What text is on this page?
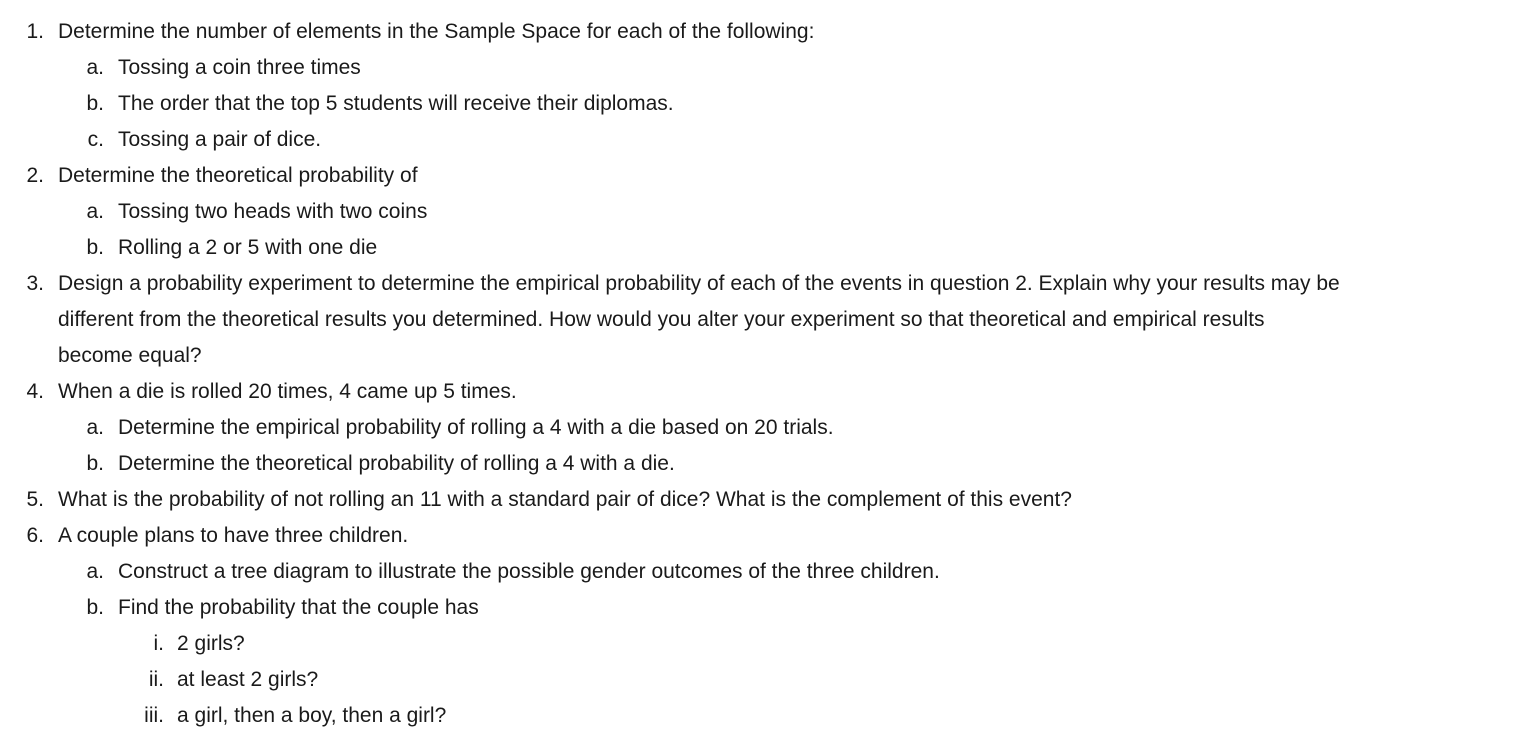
1. Determine the number of elements in the Sample Space for each of the following:
a. Tossing a coin three times
b. The order that the top 5 students will receive their diplomas.
c. Tossing a pair of dice.
2. Determine the theoretical probability of
a. Tossing two heads with two coins
b. Rolling a 2 or 5 with one die
3. Design a probability experiment to determine the empirical probability of each of the events in question 2. Explain why your results may be
different from the theoretical results you determined. How would you alter your experiment so that theoretical and empirical results
become equal?
4. When a die is rolled 20 times, 4 came up 5 times.
a. Determine the empirical probability of rolling a 4 with a die based on 20 trials.
b. Determine the theoretical probability of rolling a 4 with a die.
5. What is the probability of not rolling an 11 with a standard pair of dice? What is the complement of this event?
6. A couple plans to have three children.
a. Construct a tree diagram to illustrate the possible gender outcomes of the three children.
b. Find the probability that the couple has
i. 2 girls?
ii. at least 2 girls?
iii. a girl, then a boy, then a girl?
